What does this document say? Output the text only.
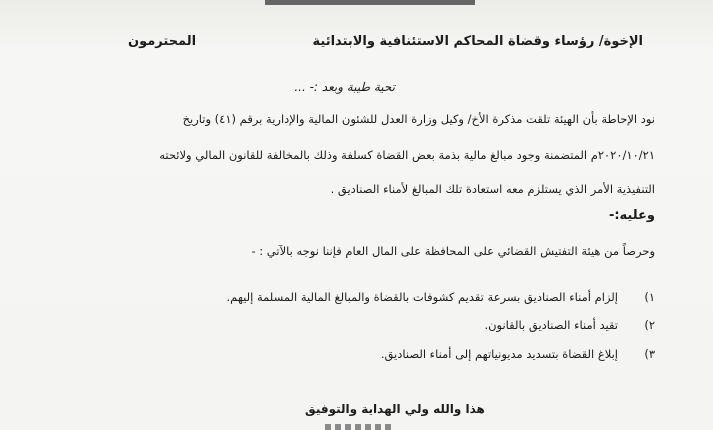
الإخوة/ رؤساء وقضاة المحاكم الاستئنافية والابتدائية
المحترمون
تحية طيبة وبعد :- ...
نود الإحاطة بأن الهيئة تلقت مذكرة الأخ/ وكيل وزارة العدل للشئون المالية والإدارية برقم (٤١) وتاريخ
٢٠٢٠/١٠/٢١م المتضمنة وجود مبالغ مالية بذمة بعض القضاة كسلفة وذلك بالمخالفة للقانون المالي ولائحته
التنفيذية الأمر الذي يستلزم معه استعادة تلك المبالغ لأمناء الصناديق .
وعليه:-
وحرصاً من هيئة التفتيش القضائي على المحافظة على المال العام فإننا نوجه بالآتي : -
١)
إلزام أمناء الصناديق بسرعة تقديم كشوفات بالقضاة والمبالغ المالية المسلمة إليهم.
٢)
تقيد أمناء الصناديق بالقانون.
٣)
إبلاغ القضاة بتسديد مديونياتهم إلى أمناء الصناديق.
هذا والله ولي الهداية والتوفيق
